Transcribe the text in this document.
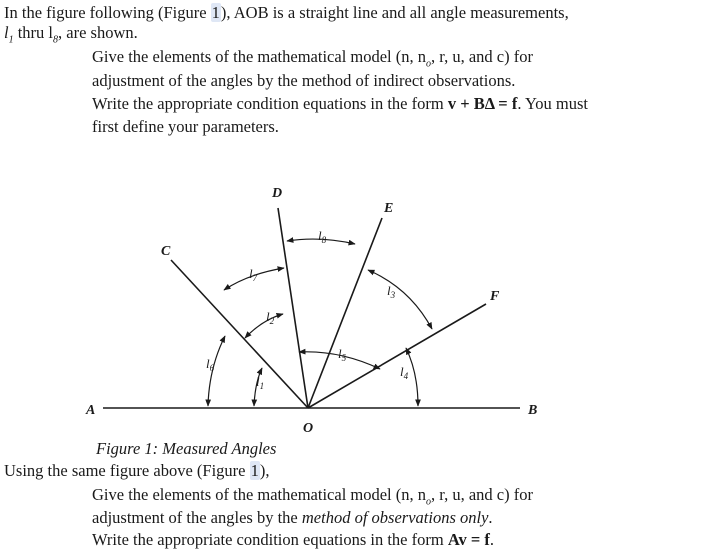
In the figure following (Figure 1), AOB is a straight line and all angle measurements,
$l_1$ thru $l_8$, are shown.
Give the elements of the mathematical model (n, $n_o$, r, u, and c) for
adjustment of the angles by the method of indirect observations.
Write the appropriate condition equations in the form v + BΔ = f. You must
first define your parameters.
A	B
C
D
E
F
O
$l_1$
$l_6$
$l_2$
$l_7$
$l_8$
$l_5$
$l_3$
$l_4$
Figure 1: Measured Angles
Using the same figure above (Figure 1),
Give the elements of the mathematical model (n, $n_o$, r, u, and c) for
adjustment of the angles by the method of observations only.
Write the appropriate condition equations in the form Av = f.
